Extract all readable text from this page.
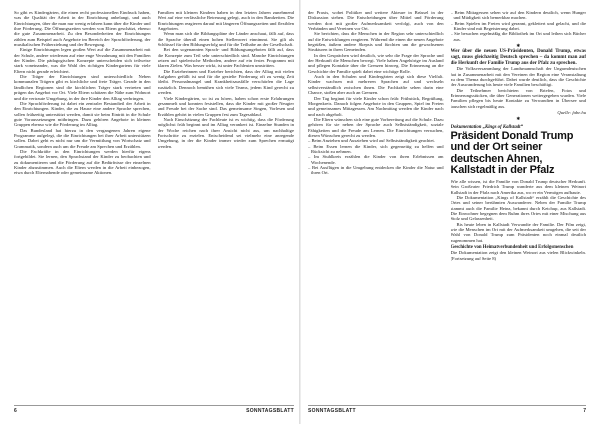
So gibt es Kindergärten, die einen recht professionellen Eindruck haben, was die Qualität der Arbeit in der Einrichtung anbelangt, und auch Einrichtungen, über die man nur wenig erfahren kann über die Kinder und ihre Förderung. Die Öffnungszeiten werden von Eltern geschätzt, ebenso die gute Zusammenarbeit. Zu den Besonderheiten der Einrichtungen zählen zum Beispiel auch Angebote im Bereich der Sprachförderung, der musikalischen Früherziehung und der Bewegung.

Einige Einrichtungen legen großen Wert auf die Zusammenarbeit mit der Schule, andere wiederum auf eine enge Verzahnung mit den Familien der Kinder. Die pädagogischen Konzepte unterscheiden sich teilweise stark voneinander, was die Wahl des richtigen Kindergartens für viele Eltern nicht gerade erleichtert.

Die Träger der Einrichtungen sind unterschiedlich: Neben kommunalen Trägern gibt es kirchliche und freie Träger. Gerade in den ländlichen Regionen sind die kirchlichen Träger stark vertreten und prägen das Angebot vor Ort. Viele Eltern schätzen die Nähe zum Wohnort und die vertraute Umgebung, in der ihre Kinder den Alltag verbringen.

Die Sprachförderung ist dabei ein zentraler Bestandteil der Arbeit in den Einrichtungen. Kinder, die zu Hause eine andere Sprache sprechen, sollen frühzeitig unterstützt werden, damit sie beim Eintritt in die Schule gute Voraussetzungen mitbringen. Dazu gehören Angebote in kleinen Gruppen ebenso wie die Förderung im Alltag.

Das Bundesland hat hierzu in den vergangenen Jahren eigene Programme aufgelegt, die die Einrichtungen bei ihrer Arbeit unterstützen sollen. Dabei geht es nicht nur um die Vermittlung von Wortschatz und Grammatik, sondern auch um die Freude am Sprechen und Erzählen.

Die Fachkräfte in den Einrichtungen werden hierfür eigens fortgebildet. Sie lernen, den Sprachstand der Kinder zu beobachten und zu dokumentieren und die Förderung auf die Bedürfnisse der einzelnen Kinder abzustimmen. Auch die Eltern werden in die Arbeit einbezogen, etwa durch Elternabende oder gemeinsame Aktionen.

Familien mit kleinen Kindern haben in den letzten Jahren zunehmend Wert auf eine verlässliche Betreuung gelegt, auch in den Randzeiten. Die Einrichtungen reagieren darauf mit längeren Öffnungszeiten und flexiblen Angeboten.

Wenn man sich die Bildungspläne der Länder anschaut, fällt auf, dass die Sprache überall einen hohen Stellenwert einnimmt. Sie gilt als Schlüssel für den Bildungserfolg und für die Teilhabe an der Gesellschaft.

Bei den sogenannten Sprach- und Bildungsangeboten fällt auf, dass die Konzepte zum Teil sehr unterschiedlich sind. Manche Einrichtungen setzen auf spielerische Methoden, andere auf ein festes Programm mit klaren Zielen. Was besser wirkt, ist unter Fachleuten umstritten.

Die Erzieherinnen und Erzieher berichten, dass der Alltag mit vielen Aufgaben gefüllt ist und für die gezielte Förderung oft zu wenig Zeit bleibt. Personalmangel und Krankheitsausfälle verschärfen die Lage zusätzlich. Dennoch bemühen sich viele Teams, jedem Kind gerecht zu werden.

Viele Kindergärten, so ist zu hören, haben schon erste Erfahrungen gesammelt und konnten feststellen, dass die Kinder mit großer Neugier und Freude bei der Sache sind. Das gemeinsame Singen, Vorlesen und Erzählen gehört in vielen Gruppen fest zum Tagesablauf.

Nach Einschätzung der Fachleute ist es wichtig, dass die Förderung möglichst früh beginnt und im Alltag verankert ist. Einzelne Stunden in der Woche reichen nach ihrer Ansicht nicht aus, um nachhaltige Fortschritte zu erzielen. Entscheidend sei vielmehr eine anregende Umgebung, in der die Kinder immer wieder zum Sprechen ermutigt werden.

6	SONNTAGSBLATT

der Praxis, wobei Politiker und weitere Akteure in Brüssel in der Diskussion stehen. Die Entscheidungen über Mittel und Förderung werden dort mit großer Aufmerksamkeit verfolgt, auch von den Verbänden und Vereinen vor Ort.

Sie berichten, dass die Menschen in der Region sehr unterschiedlich auf die Entwicklungen reagieren. Während die einen die neuen Angebote begrüßen, äußern andere Skepsis und fürchten um die gewachsenen Strukturen in ihren Gemeinden.

In den Gesprächen wird deutlich, wie sehr die Frage der Sprache und der Herkunft die Menschen bewegt. Viele haben Angehörige im Ausland und pflegen Kontakte über die Grenzen hinweg. Die Erinnerung an die Geschichte der Familie spielt dabei eine wichtige Rolle.

Auch in den Schulen und Kindergärten zeigt sich diese Vielfalt. Kinder wachsen mit mehreren Sprachen auf und wechseln selbstverständlich zwischen ihnen. Die Fachkräfte sehen darin eine Chance, stoßen aber auch an Grenzen.

Der Tag beginnt für viele Kinder schon früh: Frühstück, Begrüßung, Morgenkreis. Danach folgen Angebote in den Gruppen, Spiel im Freien und gemeinsames Mittagessen. Am Nachmittag werden die Kinder nach und nach abgeholt.

Die Eltern wünschen sich eine gute Vorbereitung auf die Schule. Dazu gehören für sie neben der Sprache auch Selbstständigkeit, soziale Fähigkeiten und die Freude am Lernen. Die Einrichtungen versuchen, diesen Wünschen gerecht zu werden.

– Beim Anziehen und Ausziehen wird auf Selbstständigkeit geachtet.

– Beim Essen lernen die Kinder, sich gegenseitig zu helfen und Rücksicht zu nehmen.

– Im Stuhlkreis erzählen die Kinder von ihren Erlebnissen am Wochenende.

– Bei Ausflügen in die Umgebung entdecken die Kinder die Natur und ihren Ort.

– Beim Mittagessen sehen wir auf den Kindern deutlich, wenn Hunger und Müdigkeit sich bemerkbar machen.

– Beim Spielen im Freien wird gerannt, geklettert und gelacht, und die Kinder sind mit Begeisterung dabei.

– Sie besuchen regelmäßig die Bibliothek im Ort und leihen sich Bücher aus.

✱

Wer über die neuen US-Präsidenten, Donald Trump, etwas sagt, muss gleichzeitig Deutsch sprechen – da kommt man auf die Herkunft der Familie Trump aus der Pfalz zu sprechen.

Die Volksversammlung der Landsmannschaft der Ungarndeutschen hat in Zusammenarbeit mit den Vereinen der Region eine Veranstaltung zu dem Thema durchgeführt. Dabei wurde deutlich, dass die Geschichte der Auswanderung bis heute viele Familien beschäftigt.

Die Teilnehmer berichteten von Briefen, Fotos und Erinnerungsstücken, die über Generationen weitergegeben wurden. Viele Familien pflegen bis heute Kontakte zu Verwandten in Übersee und tauschen sich regelmäßig aus.

Quelle: fabe.hu

✱

Dokumentation „Kings of Kallstadt“

Präsident Donald Trump und der Ort seiner deutschen Ahnen, Kallstadt in der Pfalz

Wie alle wissen, ist die Familie von Donald Trump deutscher Herkunft. Sein Großvater Friedrich Trump wanderte aus dem kleinen Weinort Kallstadt in der Pfalz nach Amerika aus, wo er ein Vermögen aufbaute.

Die Dokumentation „Kings of Kallstadt“ erzählt die Geschichte des Ortes und seiner berühmten Auswanderer. Neben der Familie Trump stammt auch die Familie Heinz, bekannt durch Ketchup, aus Kallstadt. Die Einwohner begegnen dem Ruhm ihres Ortes mit einer Mischung aus Stolz und Gelassenheit.

Bis heute leben in Kallstadt Verwandte der Familie. Der Film zeigt, wie die Menschen im Ort mit der Aufmerksamkeit umgehen, die seit der Wahl von Donald Trump zum Präsidenten noch einmal deutlich zugenommen hat.

Geschichte von Heimatverbundenheit und Erfolgsmenschen

Die Dokumentation zeigt den kleinen Weinort aus vielen Blickwinkeln. (Fortsetzung auf Seite 8)

SONNTAGSBLATT	7
